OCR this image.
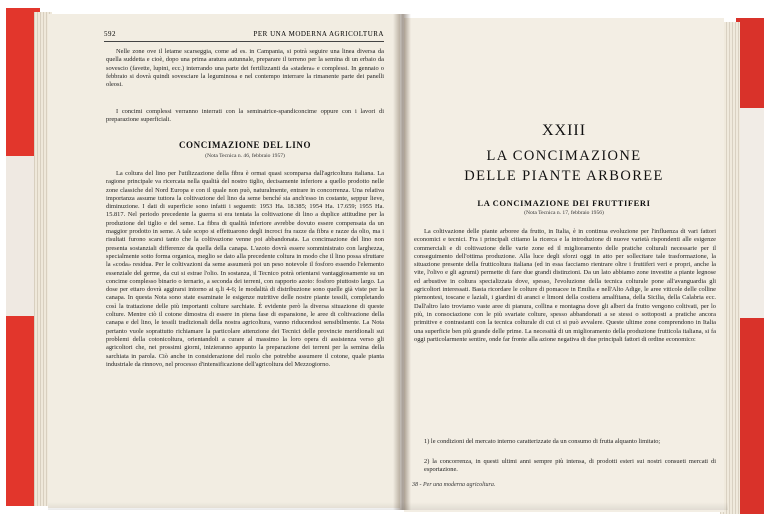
592	PER UNA MODERNA AGRICOLTURA
Nelle zone ove il letame scarseggia, come ad es. in Campania, si potrà seguire una linea diversa da quella suddetta e cioè, dopo una prima aratura autunnale, preparare il terreno per la semina di un erbaio da sovescio (favette, lupini, ecc.) interrando una parte dei fertilizzanti da «stadera» e complessi. In gennaio o febbraio si dovrà quindi sovesciare la leguminosa e nel contempo interrare la rimanente parte dei panelli oleosi.
I concimi complessi verranno interrati con la seminatrice-spandiconcime oppure con i lavori di preparazione superficiali.
CONCIMAZIONE DEL LINO
(Nota Tecnica n. 46, febbraio 1957)
La coltura del lino per l'utilizzazione della fibra è ormai quasi scomparsa dall'agricoltura italiana. La ragione principale va ricercata nella qualità del nostro tiglio, decisamente inferiore a quello prodotto nelle zone classiche del Nord Europa e con il quale non può, naturalmente, entrare in concorrenza. Una relativa importanza assume tuttora la coltivazione del lino da seme benché sia anch'esso in costante, seppur lieve, diminuzione. I dati di superficie sono infatti i seguenti: 1953 Ha. 18.385; 1954 Ha. 17.659; 1955 Ha. 15.817. Nel periodo precedente la guerra si era tentata la coltivazione di lino a duplice attitudine per la produzione del tiglio e del seme. La fibra di qualità inferiore avrebbe dovuto essere compensata da un maggior prodotto in seme. A tale scopo si effettuarono degli incroci fra razze da fibra e razze da olio, ma i risultati furono scarsi tanto che la coltivazione venne poi abbandonata. La concimazione del lino non presenta sostanziali differenze da quella della canapa. L'azoto dovrà essere somministrato con larghezza, specialmente sotto forma organica, meglio se dato alla precedente coltura in modo che il lino possa sfruttare la «coda» residua. Per le coltivazioni da seme assumerà poi un peso notevole il fosforo essendo l'elemento essenziale del germe, da cui si estrae l'olio. In sostanza, il Tecnico potrà orientarsi vantaggiosamente su un concime complesso binario o ternario, a seconda dei terreni, con rapporto azoto: fosforo piuttosto largo. La dose per ettaro dovrà aggirarsi intorno ai q.li 4-6; le modalità di distribuzione sono quelle già viste per la canapa. In questa Nota sono state esaminate le esigenze nutritive delle nostre piante tessili, completando così la trattazione delle più importanti colture sarchiate. È evidente però la diversa situazione di queste colture. Mentre ciò il cotone dimostra di essere in piena fase di espansione, le aree di coltivazione della canapa e del lino, le tessili tradizionali della nostra agricoltura, vanno riducendosi sensibilmente. La Nota pertanto vuole soprattutto richiamare la particolare attenzione dei Tecnici delle provincie meridionali sui problemi della cotonicoltura, orientandoli a curare al massimo la loro opera di assistenza verso gli agricoltori che, nei prossimi giorni, inizieranno appunto la preparazione dei terreni per la semina della sarchiata in parola. Ciò anche in considerazione del ruolo che potrebbe assumere il cotone, quale pianta industriale da rinnovo, nel processo d'intensificazione dell'agricoltura del Mezzogiorno.
XXIII
LA CONCIMAZIONE
DELLE PIANTE ARBOREE
LA CONCIMAZIONE DEI FRUTTIFERI
(Nota Tecnica n. 17, febbraio 1956)
La coltivazione delle piante arboree da frutto, in Italia, è in continua evoluzione per l'influenza di vari fattori economici e tecnici. Fra i principali citiamo la ricerca e la introduzione di nuove varietà rispondenti alle esigenze commerciali e di coltivazione delle varie zone ed il miglioramento delle pratiche colturali necessarie per il conseguimento dell'ottima produzione. Alla luce degli sforzi oggi in atto per sollecitare tale trasformazione, la situazione presente della frutticoltura italiana (ed in essa facciamo rientrare oltre i fruttiferi veri e propri, anche la vite, l'olivo e gli agrumi) permette di fare due grandi distinzioni. Da un lato abbiamo zone investite a piante legnose ed arbustive in coltura specializzata dove, spesso, l'evoluzione della tecnica colturale pone all'avanguardia gli agricoltori interessati. Basta ricordare le colture di pomacee in Emilia e nell'Alto Adige, le aree viticole delle colline piemontesi, toscane e laziali, i giardini di aranci e limoni della costiera amalfitana, della Sicilia, della Calabria ecc. Dall'altro lato troviamo vaste aree di pianura, collina e montagna dove gli alberi da frutto vengono coltivati, per lo più, in consociazione con le più svariate colture, spesso abbandonati a se stessi o sottoposti a pratiche ancora primitive e contrastanti con la tecnica colturale di cui ci si può avvalere. Queste ultime zone comprendono in Italia una superficie ben più grande delle prime. La necessità di un miglioramento della produzione frutticola italiana, si fa oggi particolarmente sentire, onde far fronte alla azione negativa di due principali fattori di ordine economico:
1) le condizioni del mercato interno caratterizzate da un consumo di frutta alquanto limitato;
2) la concorrenza, in questi ultimi anni sempre più intensa, di prodotti esteri sui nostri consueti mercati di esportazione.
38 - Per una moderna agricoltura.
